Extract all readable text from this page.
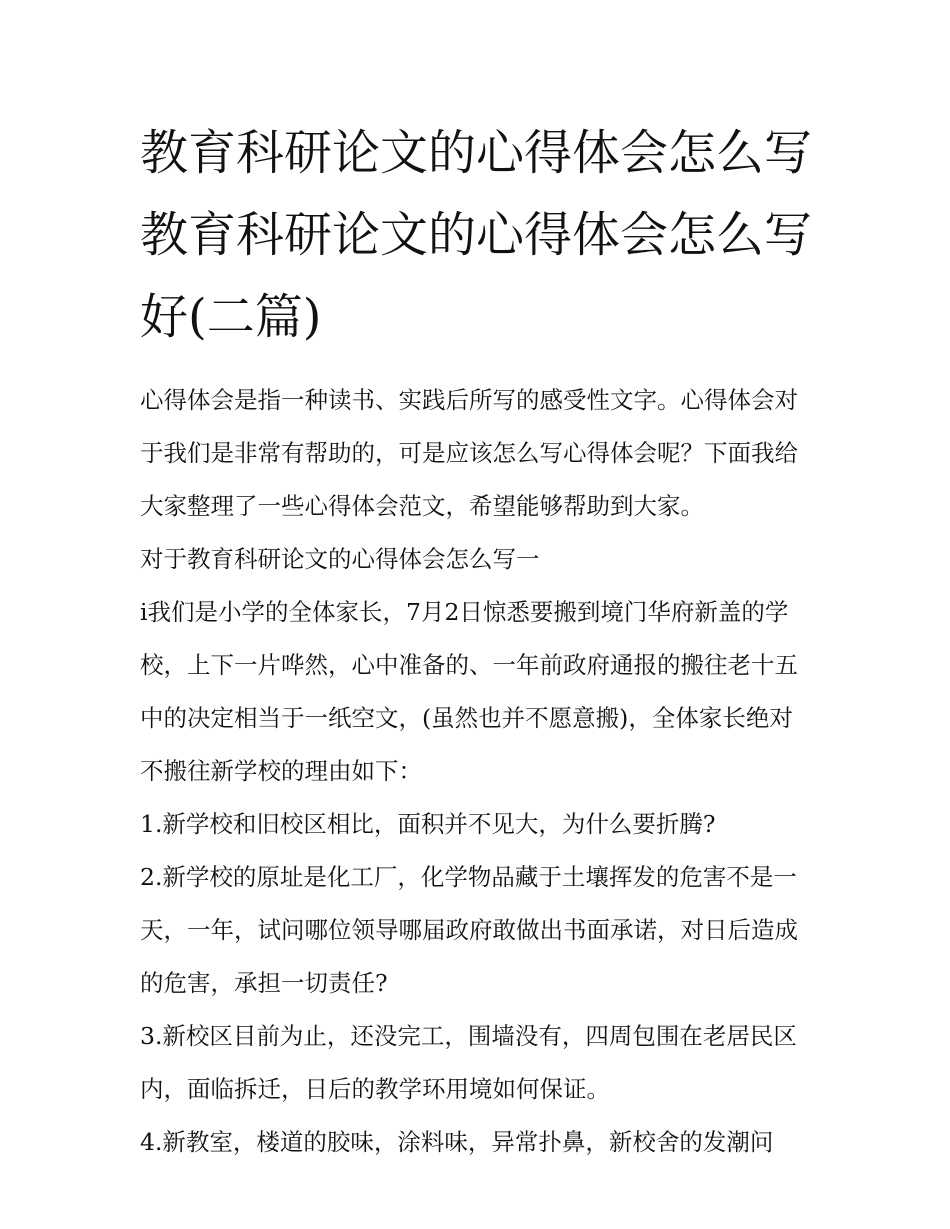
教育科研论文的心得体会怎么写 教育科研论文的心得体会怎么写好(二篇)

心得体会是指一种读书、实践后所写的感受性文字。心得体会对于我们是非常有帮助的，可是应该怎么写心得体会呢？下面我给大家整理了一些心得体会范文，希望能够帮助到大家。

对于教育科研论文的心得体会怎么写一

i我们是小学的全体家长，7月2日惊悉要搬到境门华府新盖的学校，上下一片哗然，心中准备的、一年前政府通报的搬往老十五中的决定相当于一纸空文，(虽然也并不愿意搬)，全体家长绝对不搬往新学校的理由如下：

1.新学校和旧校区相比，面积并不见大，为什么要折腾?

2.新学校的原址是化工厂，化学物品藏于土壤挥发的危害不是一天，一年，试问哪位领导哪届政府敢做出书面承诺，对日后造成的危害，承担一切责任?

3.新校区目前为止，还没完工，围墙没有，四周包围在老居民区内，面临拆迁，日后的教学环用境如何保证。

4.新教室，楼道的胶味，涂料味，异常扑鼻，新校舍的发潮问
